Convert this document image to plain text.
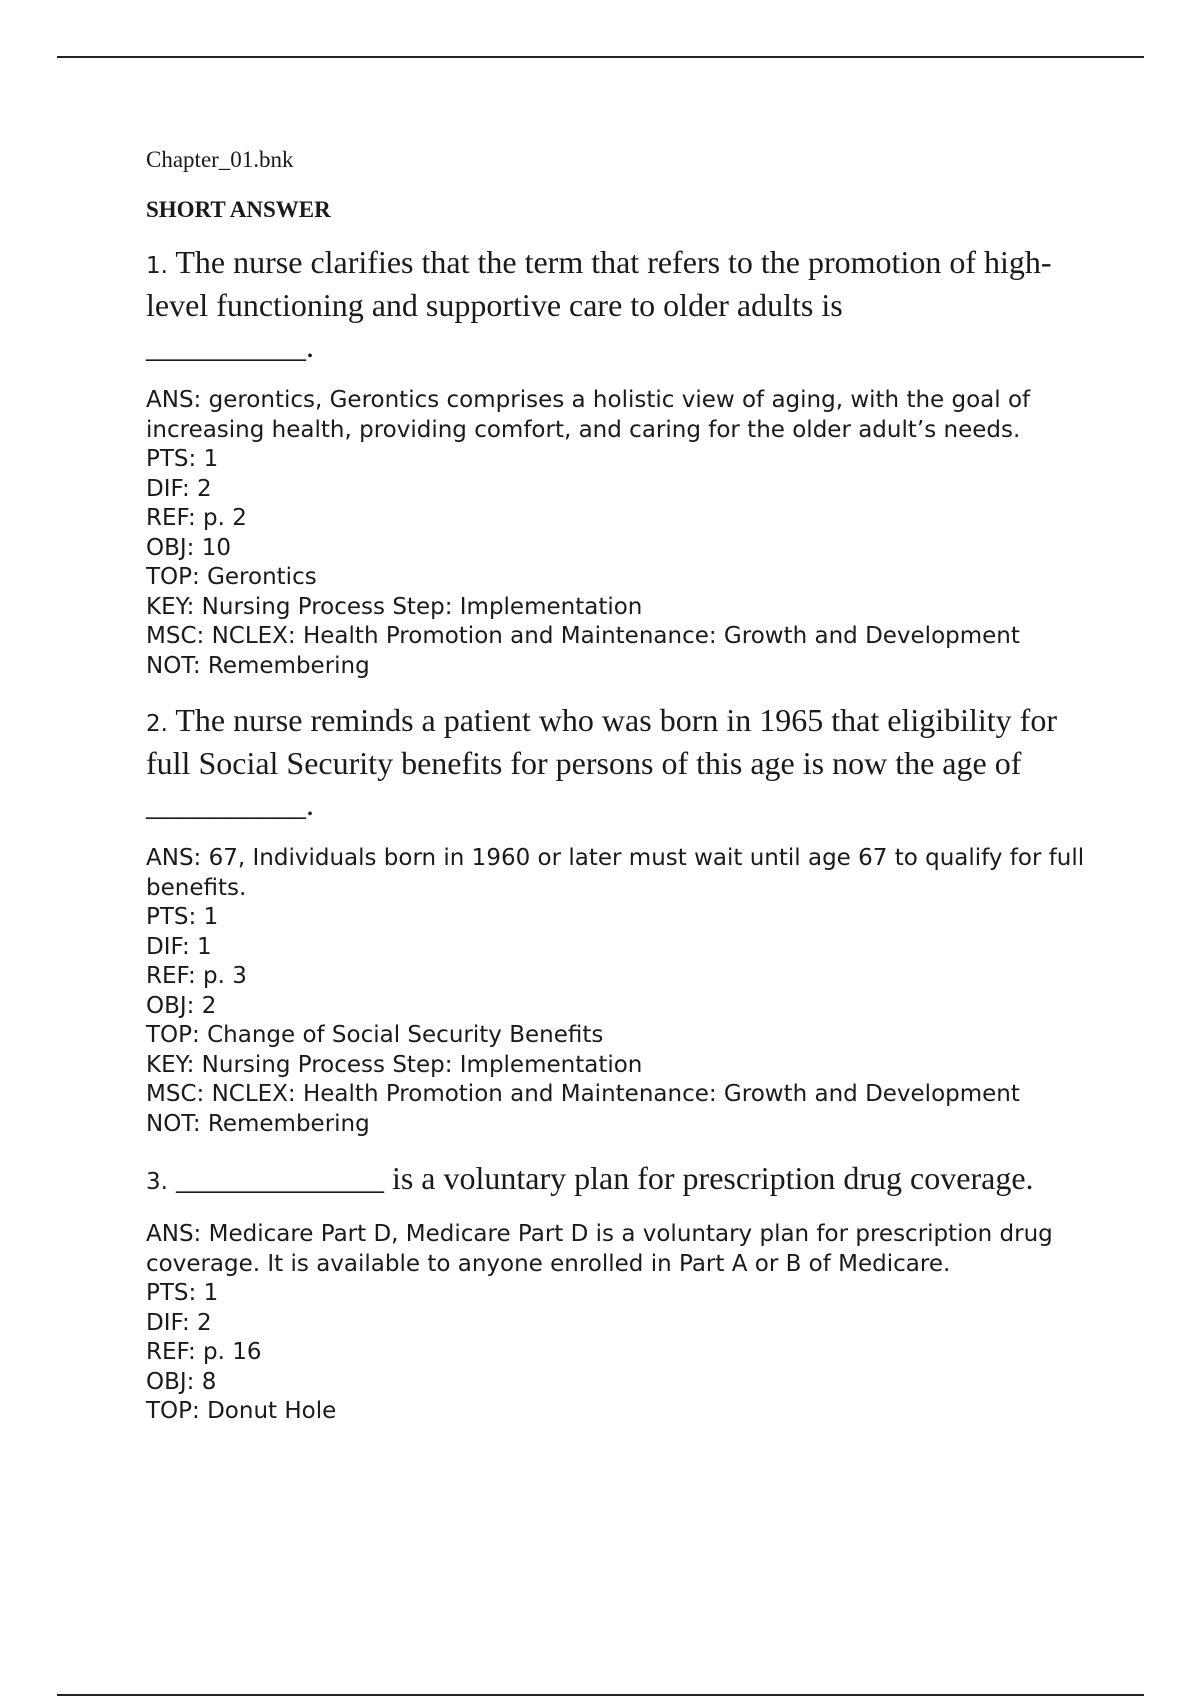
Chapter_01.bnk

SHORT ANSWER

1. The nurse clarifies that the term that refers to the promotion of high-level functioning and supportive care to older adults is
__________.

ANS: gerontics, Gerontics comprises a holistic view of aging, with the goal of increasing health, providing comfort, and caring for the older adult’s needs.
PTS: 1
DIF: 2
REF: p. 2
OBJ: 10
TOP: Gerontics
KEY: Nursing Process Step: Implementation
MSC: NCLEX: Health Promotion and Maintenance: Growth and Development
NOT: Remembering

2. The nurse reminds a patient who was born in 1965 that eligibility for full Social Security benefits for persons of this age is now the age of
__________.

ANS: 67, Individuals born in 1960 or later must wait until age 67 to qualify for full benefits.
PTS: 1
DIF: 1
REF: p. 3
OBJ: 2
TOP: Change of Social Security Benefits
KEY: Nursing Process Step: Implementation
MSC: NCLEX: Health Promotion and Maintenance: Growth and Development
NOT: Remembering

3. _____________ is a voluntary plan for prescription drug coverage.

ANS: Medicare Part D, Medicare Part D is a voluntary plan for prescription drug coverage. It is available to anyone enrolled in Part A or B of Medicare.
PTS: 1
DIF: 2
REF: p. 16
OBJ: 8
TOP: Donut Hole
